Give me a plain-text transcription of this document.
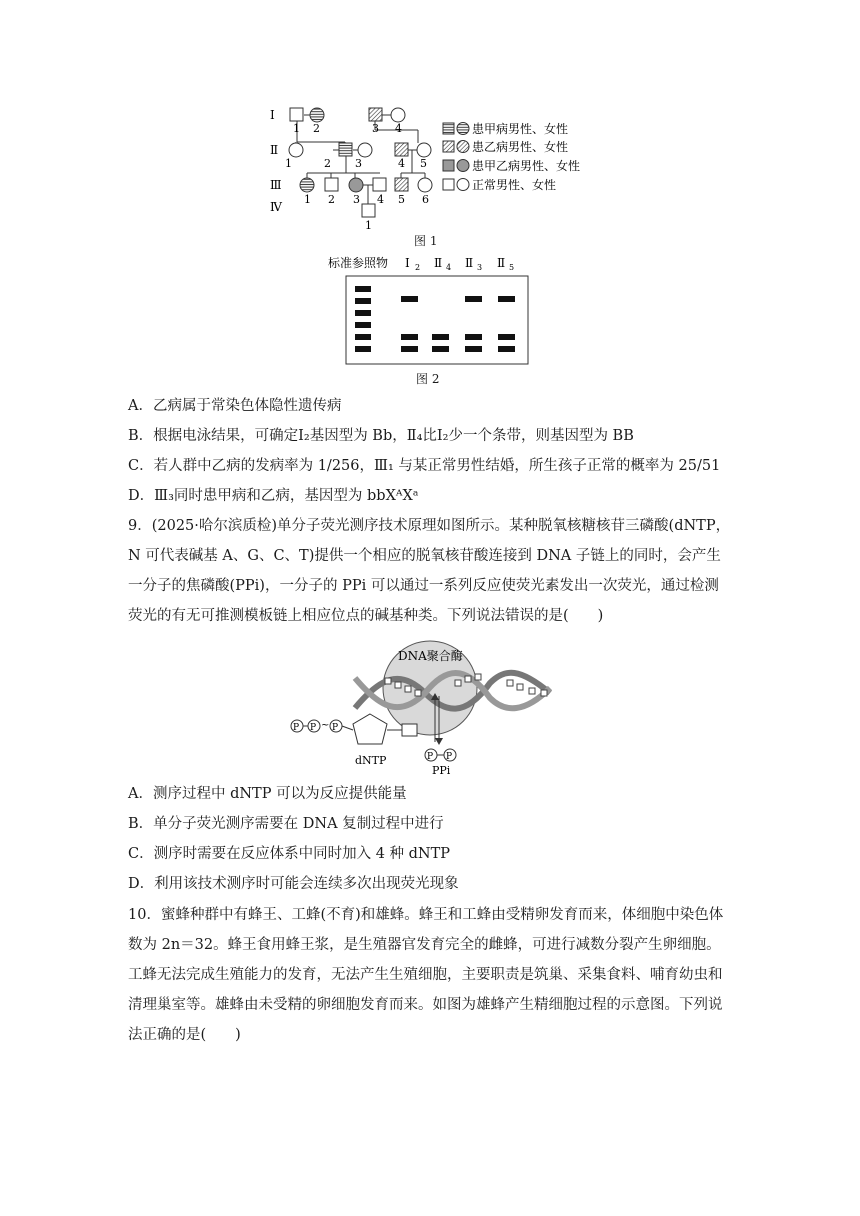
Ⅰ
Ⅱ
Ⅲ
Ⅳ
1 2	3 4
1	2 3	4 5
1 2 3 4 5 6
1
患甲病男性、女性
患乙病男性、女性
患甲乙病男性、女性
正常男性、女性
图 1
标准参照物 Ⅰ 2 Ⅱ 4 Ⅱ 3 Ⅱ 5
图 2
A．乙病属于常染色体隐性遗传病
B．根据电泳结果，可确定Ⅰ₂基因型为 Bb，Ⅱ₄比Ⅰ₂少一个条带，则基因型为 BB
C．若人群中乙病的发病率为 1/256，Ⅲ₁ 与某正常男性结婚，所生孩子正常的概率为 25/51
D．Ⅲ₃同时患甲病和乙病，基因型为 bbXᴬXᵃ
9．(2025·哈尔滨质检)单分子荧光测序技术原理如图所示。某种脱氧核糖核苷三磷酸(dNTP，N 可代表碱基 A、G、C、T)提供一个相应的脱氧核苷酸连接到 DNA 子链上的同时，会产生一分子的焦磷酸(PPi)，一分子的 PPi 可以通过一系列反应使荧光素发出一次荧光，通过检测荧光的有无可推测模板链上相应位点的碱基种类。下列说法错误的是(　　)
DNA聚合酶
P P ~ P
dNTP	P P
PPi
A．测序过程中 dNTP 可以为反应提供能量
B．单分子荧光测序需要在 DNA 复制过程中进行
C．测序时需要在反应体系中同时加入 4 种 dNTP
D．利用该技术测序时可能会连续多次出现荧光现象
10．蜜蜂种群中有蜂王、工蜂(不育)和雄蜂。蜂王和工蜂由受精卵发育而来，体细胞中染色体数为 2n＝32。蜂王食用蜂王浆，是生殖器官发育完全的雌蜂，可进行减数分裂产生卵细胞。工蜂无法完成生殖能力的发育，无法产生生殖细胞，主要职责是筑巢、采集食料、哺育幼虫和清理巢室等。雄蜂由未受精的卵细胞发育而来。如图为雄蜂产生精细胞过程的示意图。下列说法正确的是(　　)
